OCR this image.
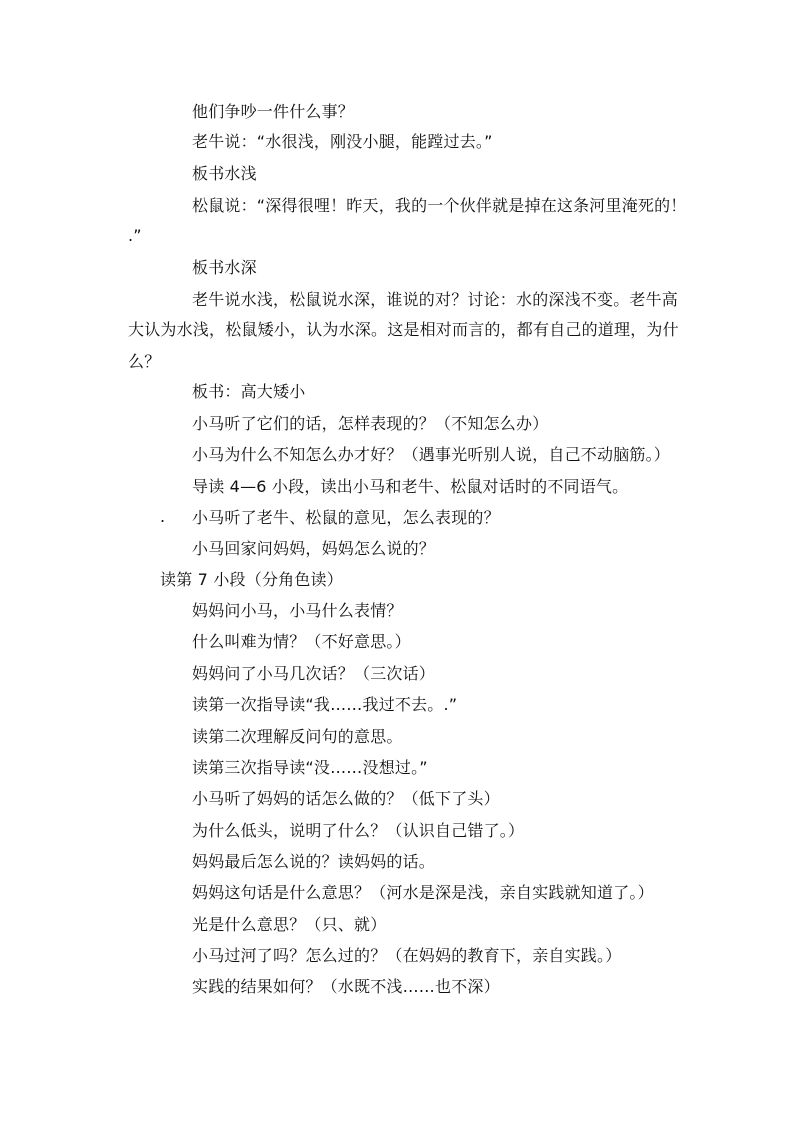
他们争吵一件什么事？
老牛说：“水很浅，刚没小腿，能蹚过去。”
板书水浅
松鼠说：“深得很哩！昨天，我的一个伙伴就是掉在这条河里淹死的！
.”
板书水深
老牛说水浅，松鼠说水深，谁说的对？讨论：水的深浅不变。老牛高
大认为水浅，松鼠矮小，认为水深。这是相对而言的，都有自己的道理，为什
么？
板书：高大矮小
小马听了它们的话，怎样表现的？（不知怎么办）
小马为什么不知怎么办才好？（遇事光听别人说，自己不动脑筋。）
导读 4—6 小段，读出小马和老牛、松鼠对话时的不同语气。
. 小马听了老牛、松鼠的意见，怎么表现的？
小马回家问妈妈，妈妈怎么说的？
读第 7 小段（分角色读）
妈妈问小马，小马什么表情？
什么叫难为情？（不好意思。）
妈妈问了小马几次话？（三次话）
读第一次指导读“我……我过不去。.”
读第二次理解反问句的意思。
读第三次指导读“没……没想过。”
小马听了妈妈的话怎么做的？（低下了头）
为什么低头，说明了什么？（认识自己错了。）
妈妈最后怎么说的？读妈妈的话。
妈妈这句话是什么意思？（河水是深是浅，亲自实践就知道了。）
光是什么意思？（只、就）
小马过河了吗？怎么过的？（在妈妈的教育下，亲自实践。）
实践的结果如何？（水既不浅……也不深）
